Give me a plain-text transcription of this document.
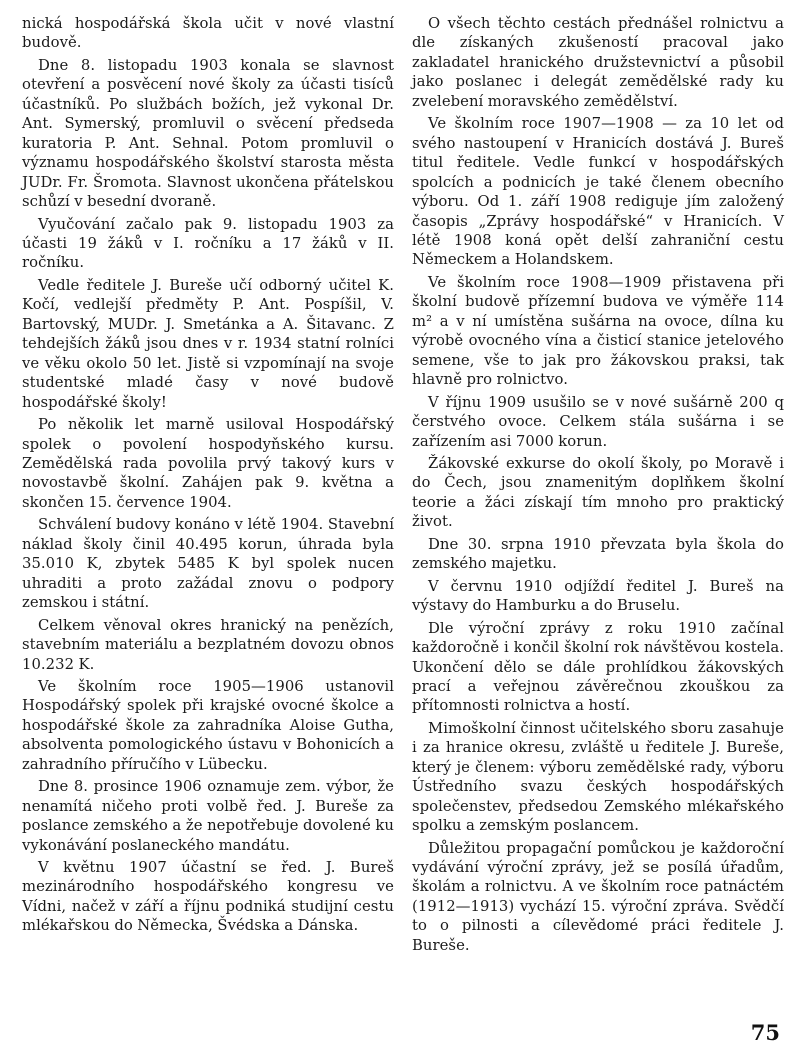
nická hospodářská škola učit v nové vlastní budově.

Dne 8. listopadu 1903 konala se slavnost otevření a posvěcení nové školy za účasti tisíců účastníků. Po službách božích, jež vykonal Dr. Ant. Symerský, promluvil o svěcení předseda kuratoria P. Ant. Sehnal. Potom promluvil o významu hospodářského školství starosta města JUDr. Fr. Šromota. Slavnost ukončena přátelskou schůzí v besední dvoraně.

Vyučování začalo pak 9. listopadu 1903 za účasti 19 žáků v I. ročníku a 17 žáků v II. ročníku.

Vedle ředitele J. Bureše učí odborný učitel K. Kočí, vedlejší předměty P. Ant. Pospíšil, V. Bartovský, MUDr. J. Smetánka a A. Šitavanc. Z tehdejších žáků jsou dnes v r. 1934 statní rolníci ve věku okolo 50 let. Jistě si vzpomínají na svoje studentské mladé časy v nové budově hospodářské školy!

Po několik let marně usiloval Hospodářský spolek o povolení hospodyňského kursu. Zemědělská rada povolila prvý takový kurs v novostavbě školní. Zahájen pak 9. května a skončen 15. července 1904.

Schválení budovy konáno v létě 1904. Stavební náklad školy činil 40.495 korun, úhrada byla 35.010 K, zbytek 5485 K byl spolek nucen uhraditi a proto zažádal znovu o podpory zemskou i státní.

Celkem věnoval okres hranický na penězích, stavebním materiálu a bezplatném dovozu obnos 10.232 K.

Ve školním roce 1905—1906 ustanovil Hospodářský spolek při krajské ovocné školce a hospodářské škole za zahradníka Aloise Gutha, absolventa pomologického ústavu v Bohonicích a zahradního příručího v Lübecku.

Dne 8. prosince 1906 oznamuje zem. výbor, že nenamítá ničeho proti volbě řed. J. Bureše za poslance zemského a že nepotřebuje dovolené ku vykonávání poslaneckého mandátu.

V květnu 1907 účastní se řed. J. Bureš mezinárodního hospodářského kongresu ve Vídni, načež v září a říjnu podniká studijní cestu mlékařskou do Německa, Švédska a Dánska.

O všech těchto cestách přednášel rolnictvu a dle získaných zkušeností pracoval jako zakladatel hranického družstevnictví a působil jako poslanec i delegát zemědělské rady ku zvelebení moravského zemědělství.

Ve školním roce 1907—1908 — za 10 let od svého nastoupení v Hranicích dostává J. Bureš titul ředitele. Vedle funkcí v hospodářských spolcích a podnicích je také členem obecního výboru. Od 1. září 1908 rediguje jím založený časopis „Zprávy hospodářské“ v Hranicích. V létě 1908 koná opět delší zahraniční cestu Německem a Holandskem.

Ve školním roce 1908—1909 přistavena při školní budově přízemní budova ve výměře 114 m² a v ní umístěna sušárna na ovoce, dílna ku výrobě ovocného vína a čisticí stanice jetelového semene, vše to jak pro žákovskou praksi, tak hlavně pro rolnictvo.

V říjnu 1909 usušilo se v nové sušárně 200 q čerstvého ovoce. Celkem stála sušárna i se zařízením asi 7000 korun.

Žákovské exkurse do okolí školy, po Moravě i do Čech, jsou znamenitým doplňkem školní teorie a žáci získají tím mnoho pro praktický život.

Dne 30. srpna 1910 převzata byla škola do zemského majetku.

V červnu 1910 odjíždí ředitel J. Bureš na výstavy do Hamburku a do Bruselu.

Dle výroční zprávy z roku 1910 začínal každoročně i končil školní rok návštěvou kostela. Ukončení dělo se dále prohlídkou žákovských prací a veřejnou závěrečnou zkouškou za přítomnosti rolnictva a hostí.

Mimoškolní činnost učitelského sboru zasahuje i za hranice okresu, zvláště u ředitele J. Bureše, který je členem: výboru zemědělské rady, výboru Ústředního svazu českých hospodářských společenstev, předsedou Zemského mlékařského spolku a zemským poslancem.

Důležitou propagační pomůckou je každoroční vydávání výroční zprávy, jež se posílá úřadům, školám a rolnictvu. A ve školním roce patnáctém (1912—1913) vychází 15. výroční zpráva. Svědčí to o pilnosti a cílevědomé práci ředitele J. Bureše.

75
